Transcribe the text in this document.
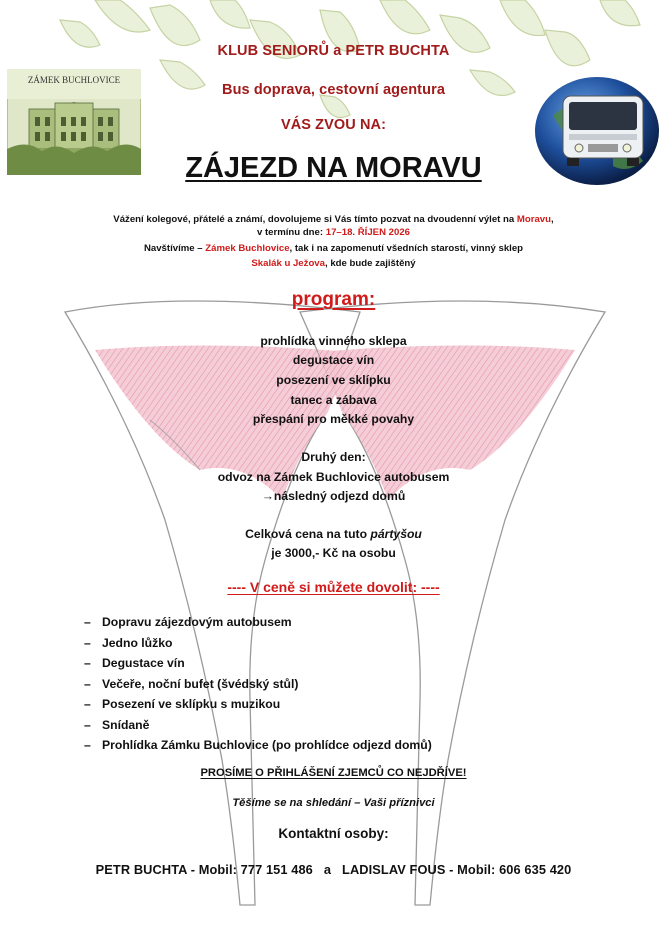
ZÁMEK BUCHLOVICE
KLUB SENIORŮ a PETR BUCHTA
Bus doprava, cestovní agentura
VÁS ZVOU NA:
ZÁJEZD NA MORAVU
Vážení kolegové, přátelé a známí, dovolujeme si Vás tímto pozvat na dvoudenní výlet na Moravu,
v termínu dne: 17–18. ŘÍJEN 2026
Navštívíme – Zámek Buchlovice, tak i na zapomenutí všedních starostí, vinný sklep
Skalák u Ježova, kde bude zajištěný
program:
prohlídka vinného sklepa
degustace vín
posezení ve sklípku
tanec a zábava
přespání pro měkké povahy
Druhý den:
odvoz na Zámek Buchlovice autobusem
→následný odjezd domů
Celková cena na tuto pártyšou
je 3000,- Kč na osobu
---- V ceně si můžete dovolit: ----
– Dopravu zájezdovým autobusem
– Jedno lůžko
– Degustace vín
– Večeře, noční bufet (švédský stůl)
– Posezení ve sklípku s muzikou
– Snídaně
– Prohlídka Zámku Buchlovice (po prohlídce odjezd domů)
PROSÍME O PŘIHLÁŠENÍ ZJEMCŮ CO NEJDŘÍVE!
Těšíme se na shledání – Vaši příznivci
Kontaktní osoby:
PETR BUCHTA - Mobil: 777 151 486   a   LADISLAV FOUS - Mobil: 606 635 420
